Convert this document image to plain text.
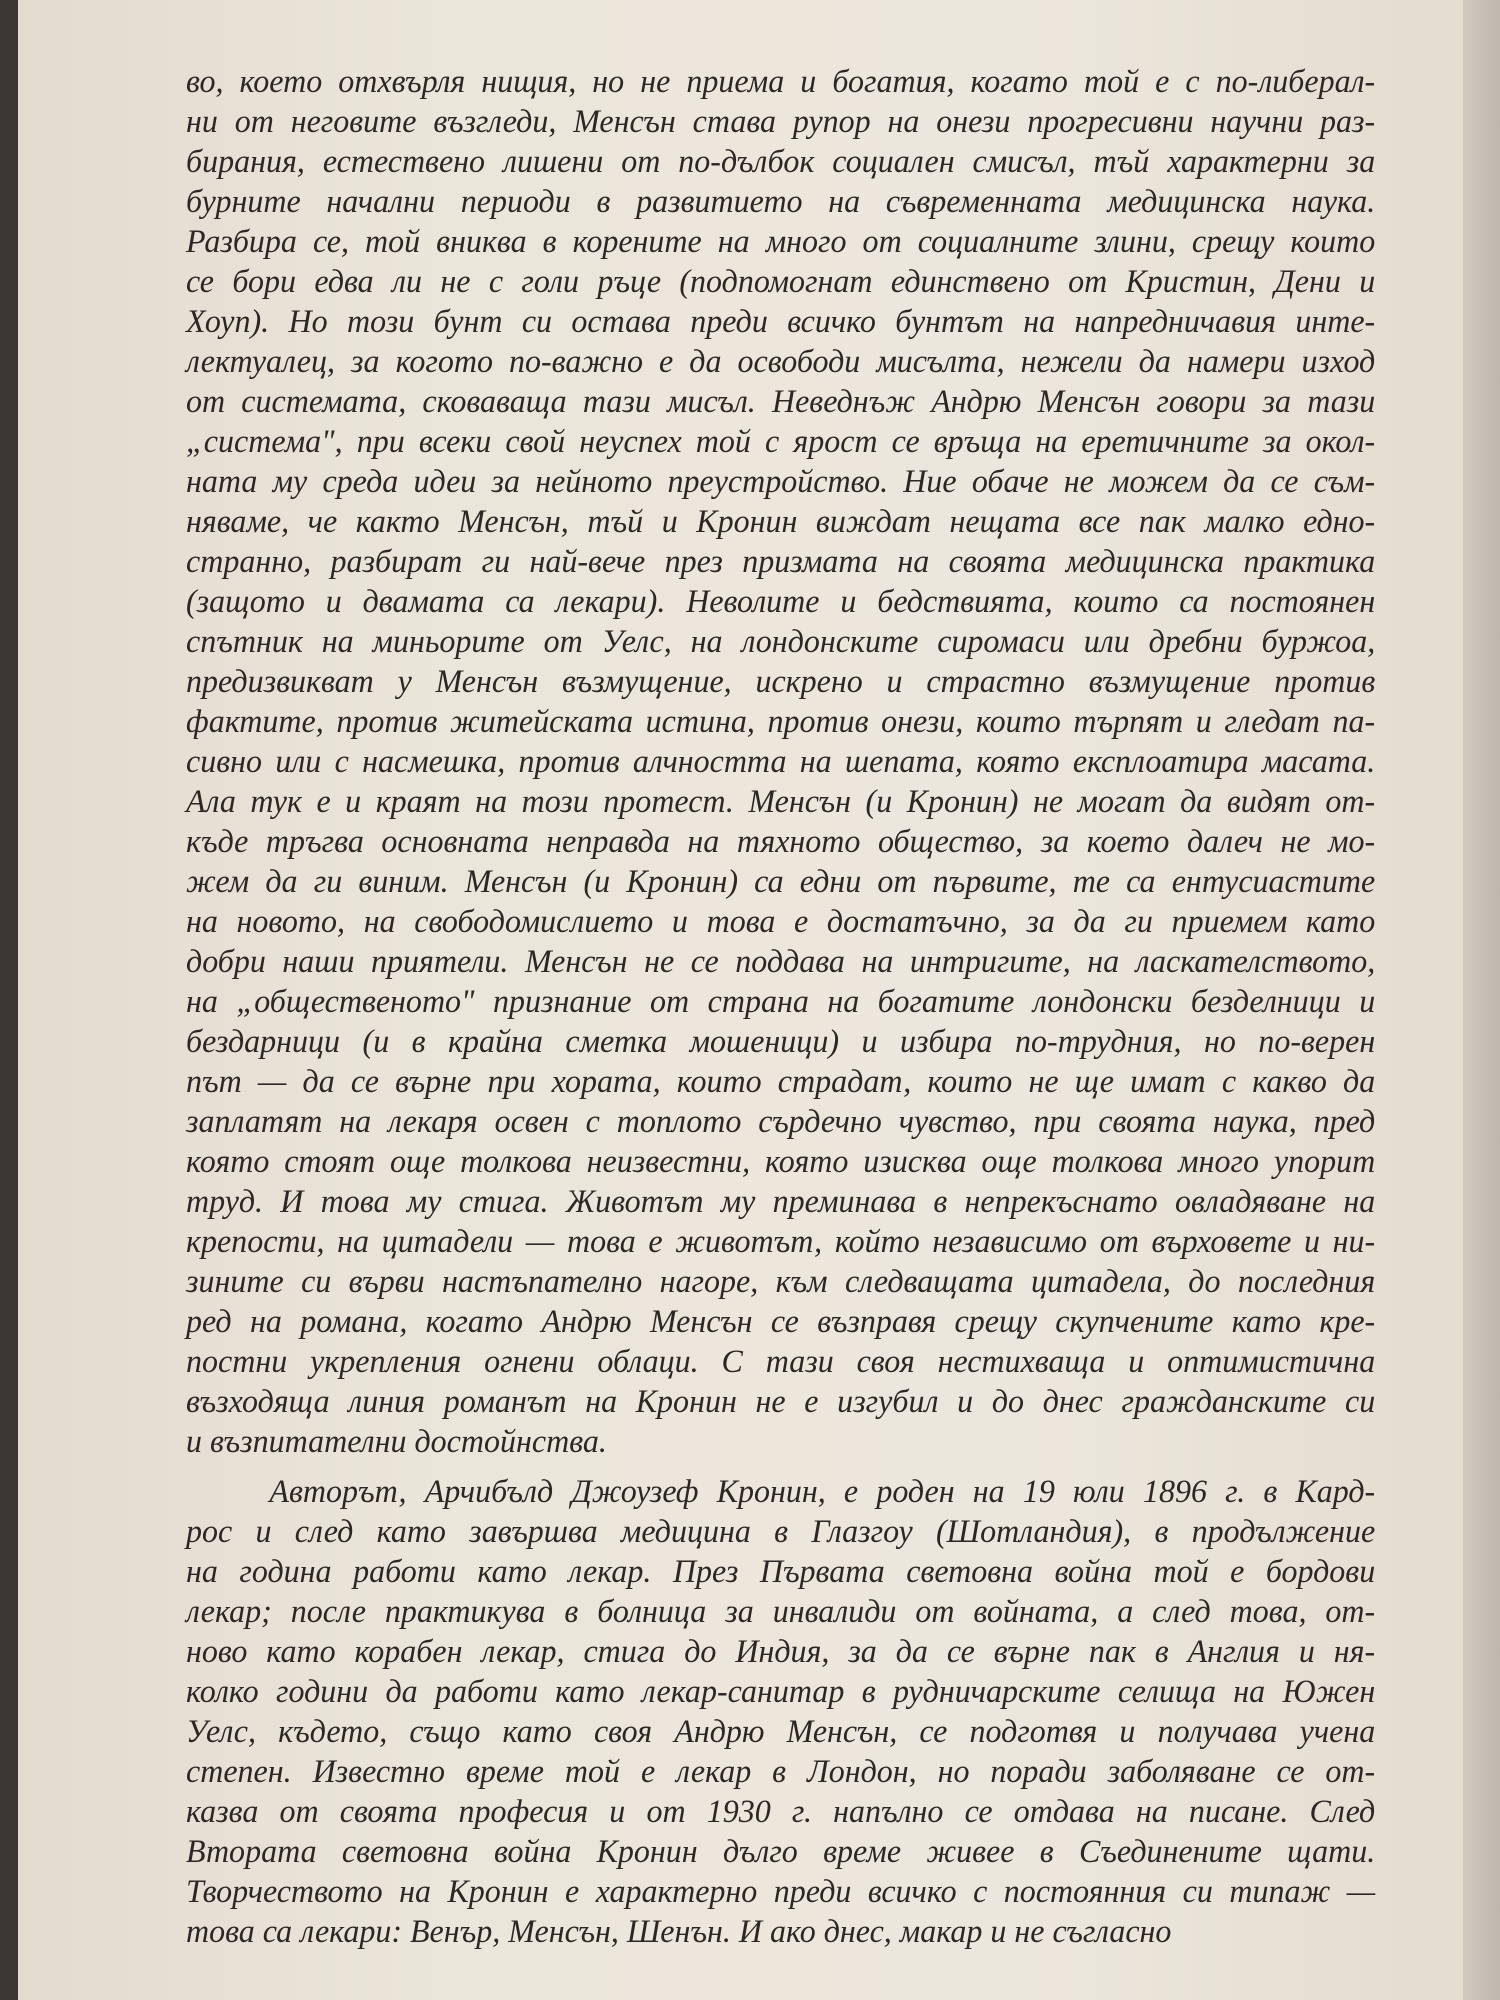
во, което отхвърля нищия, но не приема и богатия, когато той е с по-либерал-
ни от неговите възгледи, Менсън става рупор на онези прогресивни научни раз-
бирания, естествено лишени от по-дълбок социален смисъл, тъй характерни за
бурните начални периоди в развитието на съвременната медицинска наука.
Разбира се, той вниква в корените на много от социалните злини, срещу които
се бори едва ли не с голи ръце (подпомогнат единствено от Кристин, Дени и
Хоуп). Но този бунт си остава преди всичко бунтът на напредничавия инте-
лектуалец, за когото по-важно е да освободи мисълта, нежели да намери изход
от системата, сковаваща тази мисъл. Неведнъж Андрю Менсън говори за тази
„система", при всеки свой неуспех той с ярост се връща на еретичните за окол-
ната му среда идеи за нейното преустройство. Ние обаче не можем да се съм-
няваме, че както Менсън, тъй и Кронин виждат нещата все пак малко едно-
странно, разбират ги най-вече през призмата на своята медицинска практика
(защото и двамата са лекари). Неволите и бедствията, които са постоянен
спътник на миньорите от Уелс, на лондонските сиромаси или дребни буржоа,
предизвикват у Менсън възмущение, искрено и страстно възмущение против
фактите, против житейската истина, против онези, които търпят и гледат па-
сивно или с насмешка, против алчността на шепата, която експлоатира масата.
Ала тук е и краят на този протест. Менсън (и Кронин) не могат да видят от-
къде тръгва основната неправда на тяхното общество, за което далеч не мо-
жем да ги виним. Менсън (и Кронин) са едни от първите, те са ентусиастите
на новото, на свободомислието и това е достатъчно, за да ги приемем като
добри наши приятели. Менсън не се поддава на интригите, на ласкателството,
на „общественото" признание от страна на богатите лондонски безделници и
бездарници (и в крайна сметка мошеници) и избира по-трудния, но по-верен
път — да се върне при хората, които страдат, които не ще имат с какво да
заплатят на лекаря освен с топлото сърдечно чувство, при своята наука, пред
която стоят още толкова неизвестни, която изисква още толкова много упорит
труд. И това му стига. Животът му преминава в непрекъснато овладяване на
крепости, на цитадели — това е животът, който независимо от върховете и ни-
зините си върви настъпателно нагоре, към следващата цитадела, до последния
ред на романа, когато Андрю Менсън се възправя срещу скупчените като кре-
постни укрепления огнени облаци. С тази своя нестихваща и оптимистична
възходяща линия романът на Кронин не е изгубил и до днес гражданските си
и възпитателни достойнства.
Авторът, Арчибълд Джоузеф Кронин, е роден на 19 юли 1896 г. в Кард-
рос и след като завършва медицина в Глазгоу (Шотландия), в продължение
на година работи като лекар. През Първата световна война той е бордови
лекар; после практикува в болница за инвалиди от войната, а след това, от-
ново като корабен лекар, стига до Индия, за да се върне пак в Англия и ня-
колко години да работи като лекар-санитар в рудничарските селища на Южен
Уелс, където, също като своя Андрю Менсън, се подготвя и получава учена
степен. Известно време той е лекар в Лондон, но поради заболяване се от-
казва от своята професия и от 1930 г. напълно се отдава на писане. След
Втората световна война Кронин дълго време живее в Съединените щати.
Творчеството на Кронин е характерно преди всичко с постоянния си типаж —
това са лекари: Венър, Менсън, Шенън. И ако днес, макар и не съгласно
